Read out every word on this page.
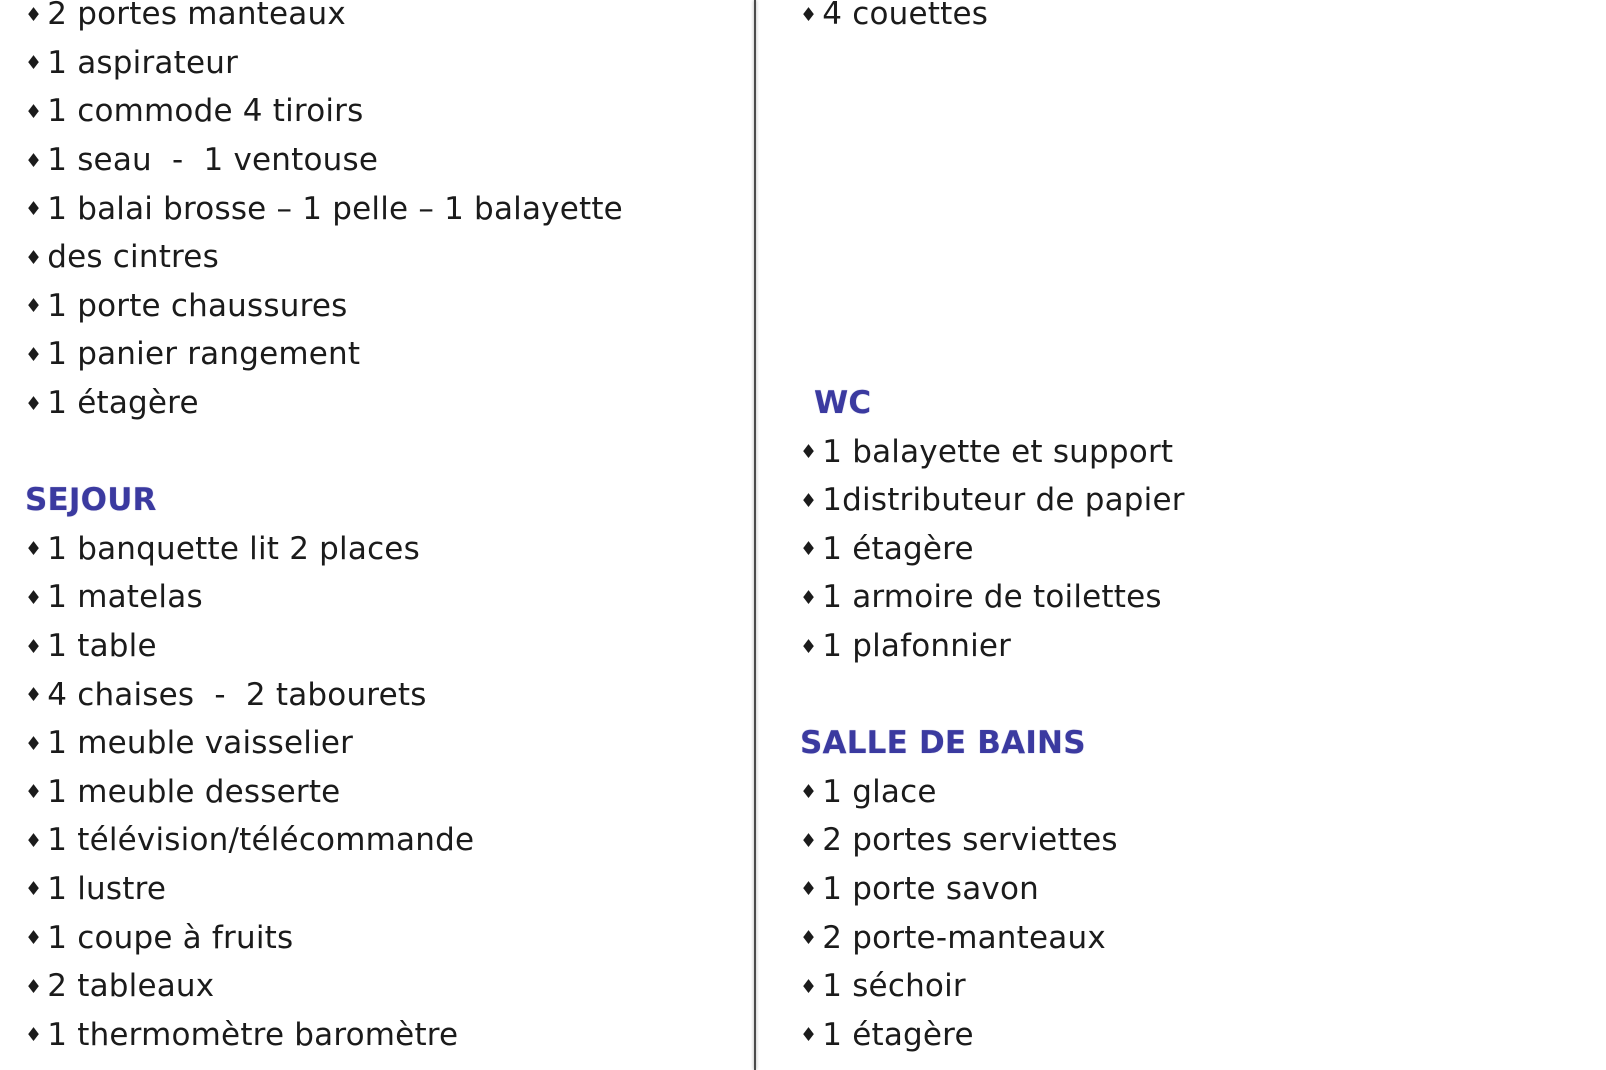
♦ 2 portes manteaux
♦ 1 aspirateur
♦ 1 commode 4 tiroirs
♦ 1 seau  -  1 ventouse
♦ 1 balai brosse – 1 pelle – 1 balayette
♦ des cintres
♦ 1 porte chaussures
♦ 1 panier rangement
♦ 1 étagère
SEJOUR
♦ 1 banquette lit 2 places
♦ 1 matelas
♦ 1 table
♦ 4 chaises  -  2 tabourets
♦ 1 meuble vaisselier
♦ 1 meuble desserte
♦ 1 télévision/télécommande
♦ 1 lustre
♦ 1 coupe à fruits
♦ 2 tableaux
♦ 1 thermomètre baromètre
♦ 4 couettes
WC
♦ 1 balayette et support
♦ 1distributeur de papier
♦ 1 étagère
♦ 1 armoire de toilettes
♦ 1 plafonnier
SALLE DE BAINS
♦ 1 glace
♦ 2 portes serviettes
♦ 1 porte savon
♦ 2 porte-manteaux
♦ 1 séchoir
♦ 1 étagère
